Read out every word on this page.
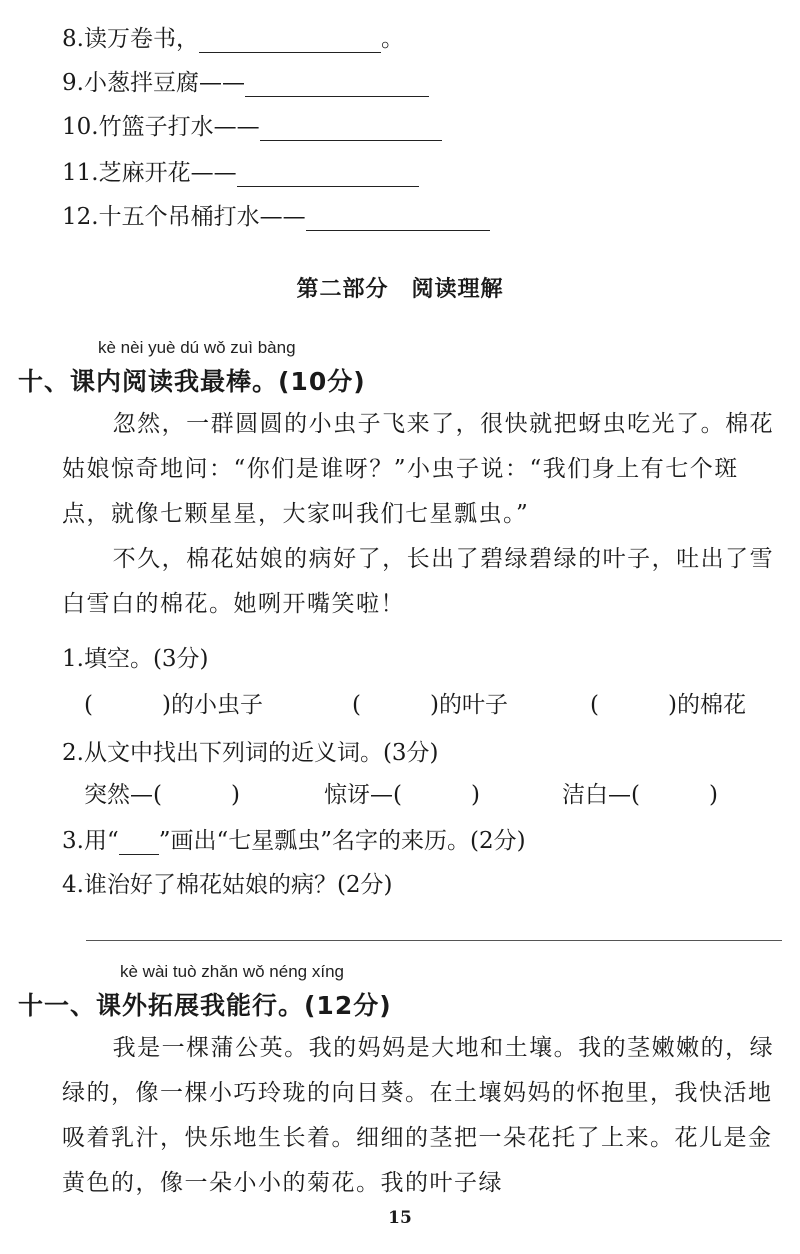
8.读万卷书，	。
9.小葱拌豆腐——
10.竹篮子打水——
11.芝麻开花——
12.十五个吊桶打水——
第二部分　阅读理解
kè nèi yuè dú wǒ zuì bàng
十、课内阅读我最棒。(10分)

忽然，一群圆圆的小虫子飞来了，很快就把蚜虫吃光了。棉花姑娘惊奇地问：“你们是谁呀？”小虫子说：“我们身上有七个斑点，就像七颗星星，大家叫我们七星瓢虫。”

不久，棉花姑娘的病好了，长出了碧绿碧绿的叶子，吐出了雪白雪白的棉花。她咧开嘴笑啦！

1.填空。(3分)
(　　　)的小虫子	(　　　)的叶子	(　　　)的棉花
2.从文中找出下列词的近义词。(3分)
突然—(　　　)	惊讶—(　　　)	洁白—(　　　)
3.用“ ”画出“七星瓢虫”名字的来历。(2分)
4.谁治好了棉花姑娘的病？(2分)
kè wài tuò zhǎn wǒ néng xíng
十一、课外拓展我能行。(12分)

我是一棵蒲公英。我的妈妈是大地和土壤。我的茎嫩嫩的，绿绿的，像一棵小巧玲珑的向日葵。在土壤妈妈的怀抱里，我快活地吸着乳汁，快乐地生长着。细细的茎把一朵花托了上来。花儿是金黄色的，像一朵小小的菊花。我的叶子绿

15
